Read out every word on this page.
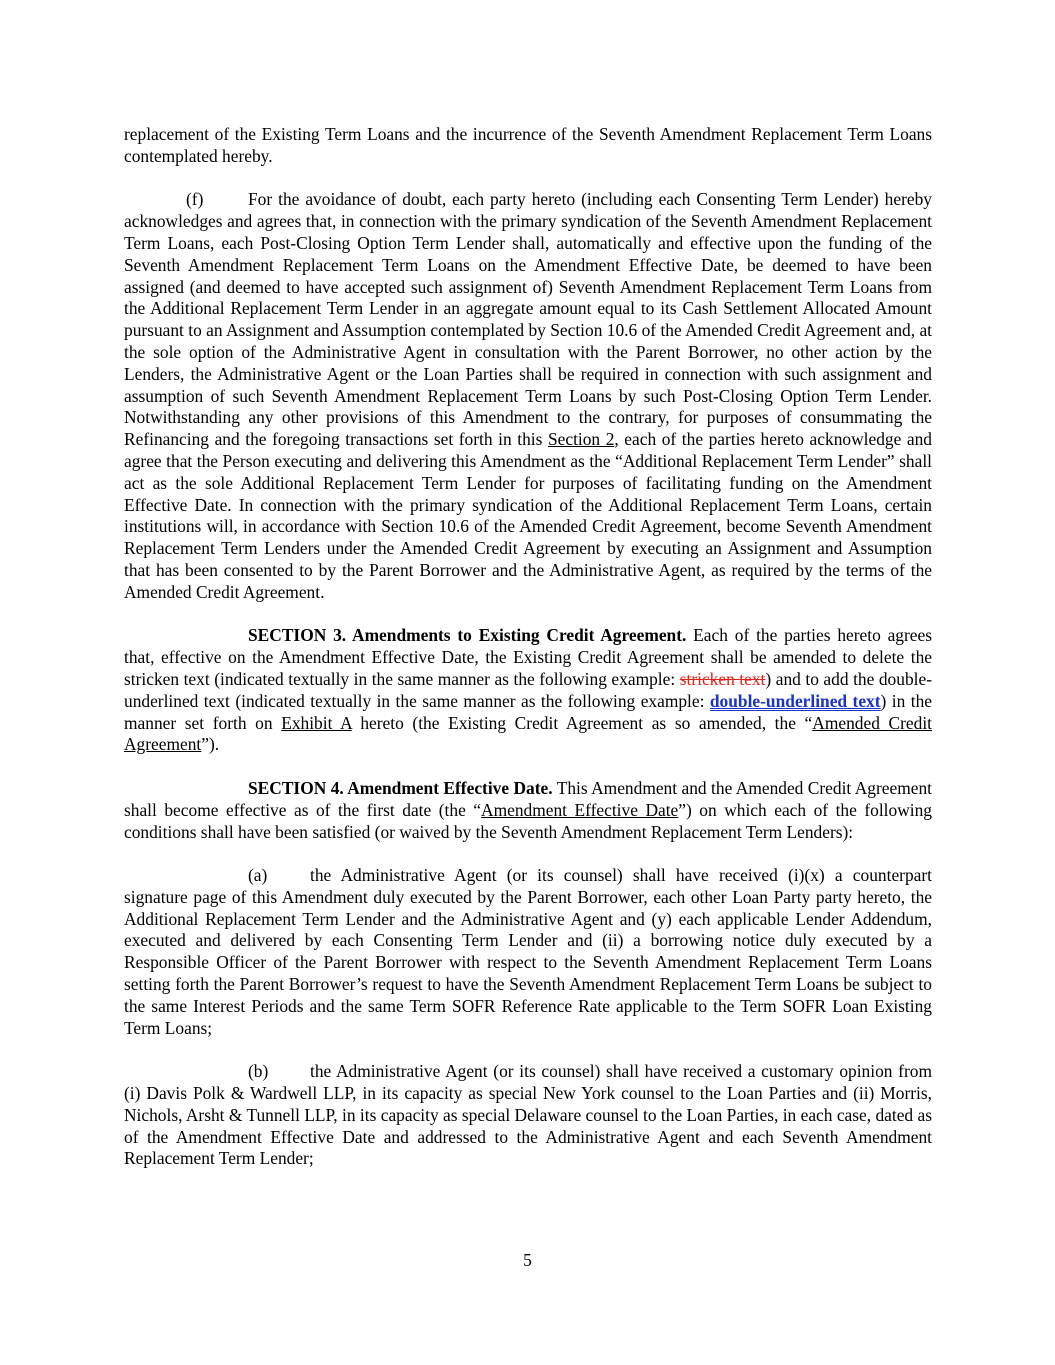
replacement of the Existing Term Loans and the incurrence of the Seventh Amendment Replacement Term Loans contemplated hereby.

(f)	For the avoidance of doubt, each party hereto (including each Consenting Term Lender) hereby acknowledges and agrees that, in connection with the primary syndication of the Seventh Amendment Replacement Term Loans, each Post-Closing Option Term Lender shall, automatically and effective upon the funding of the Seventh Amendment Replacement Term Loans on the Amendment Effective Date, be deemed to have been assigned (and deemed to have accepted such assignment of) Seventh Amendment Replacement Term Loans from the Additional Replacement Term Lender in an aggregate amount equal to its Cash Settlement Allocated Amount pursuant to an Assignment and Assumption contemplated by Section 10.6 of the Amended Credit Agreement and, at the sole option of the Administrative Agent in consultation with the Parent Borrower, no other action by the Lenders, the Administrative Agent or the Loan Parties shall be required in connection with such assignment and assumption of such Seventh Amendment Replacement Term Loans by such Post-Closing Option Term Lender. Notwithstanding any other provisions of this Amendment to the contrary, for purposes of consummating the Refinancing and the foregoing transactions set forth in this Section 2, each of the parties hereto acknowledge and agree that the Person executing and delivering this Amendment as the “Additional Replacement Term Lender” shall act as the sole Additional Replacement Term Lender for purposes of facilitating funding on the Amendment Effective Date. In connection with the primary syndication of the Additional Replacement Term Loans, certain institutions will, in accordance with Section 10.6 of the Amended Credit Agreement, become Seventh Amendment Replacement Term Lenders under the Amended Credit Agreement by executing an Assignment and Assumption that has been consented to by the Parent Borrower and the Administrative Agent, as required by the terms of the Amended Credit Agreement.

SECTION 3. Amendments to Existing Credit Agreement. Each of the parties hereto agrees that, effective on the Amendment Effective Date, the Existing Credit Agreement shall be amended to delete the stricken text (indicated textually in the same manner as the following example: stricken text) and to add the double-underlined text (indicated textually in the same manner as the following example: double-underlined text) in the manner set forth on Exhibit A hereto (the Existing Credit Agreement as so amended, the “Amended Credit Agreement”).

SECTION 4. Amendment Effective Date. This Amendment and the Amended Credit Agreement shall become effective as of the first date (the “Amendment Effective Date”) on which each of the following conditions shall have been satisfied (or waived by the Seventh Amendment Replacement Term Lenders):

(a) the Administrative Agent (or its counsel) shall have received (i)(x) a counterpart signature page of this Amendment duly executed by the Parent Borrower, each other Loan Party party hereto, the Additional Replacement Term Lender and the Administrative Agent and (y) each applicable Lender Addendum, executed and delivered by each Consenting Term Lender and (ii) a borrowing notice duly executed by a Responsible Officer of the Parent Borrower with respect to the Seventh Amendment Replacement Term Loans setting forth the Parent Borrower’s request to have the Seventh Amendment Replacement Term Loans be subject to the same Interest Periods and the same Term SOFR Reference Rate applicable to the Term SOFR Loan Existing Term Loans;

(b) the Administrative Agent (or its counsel) shall have received a customary opinion from (i) Davis Polk & Wardwell LLP, in its capacity as special New York counsel to the Loan Parties and (ii) Morris, Nichols, Arsht & Tunnell LLP, in its capacity as special Delaware counsel to the Loan Parties, in each case, dated as of the Amendment Effective Date and addressed to the Administrative Agent and each Seventh Amendment Replacement Term Lender;

5
